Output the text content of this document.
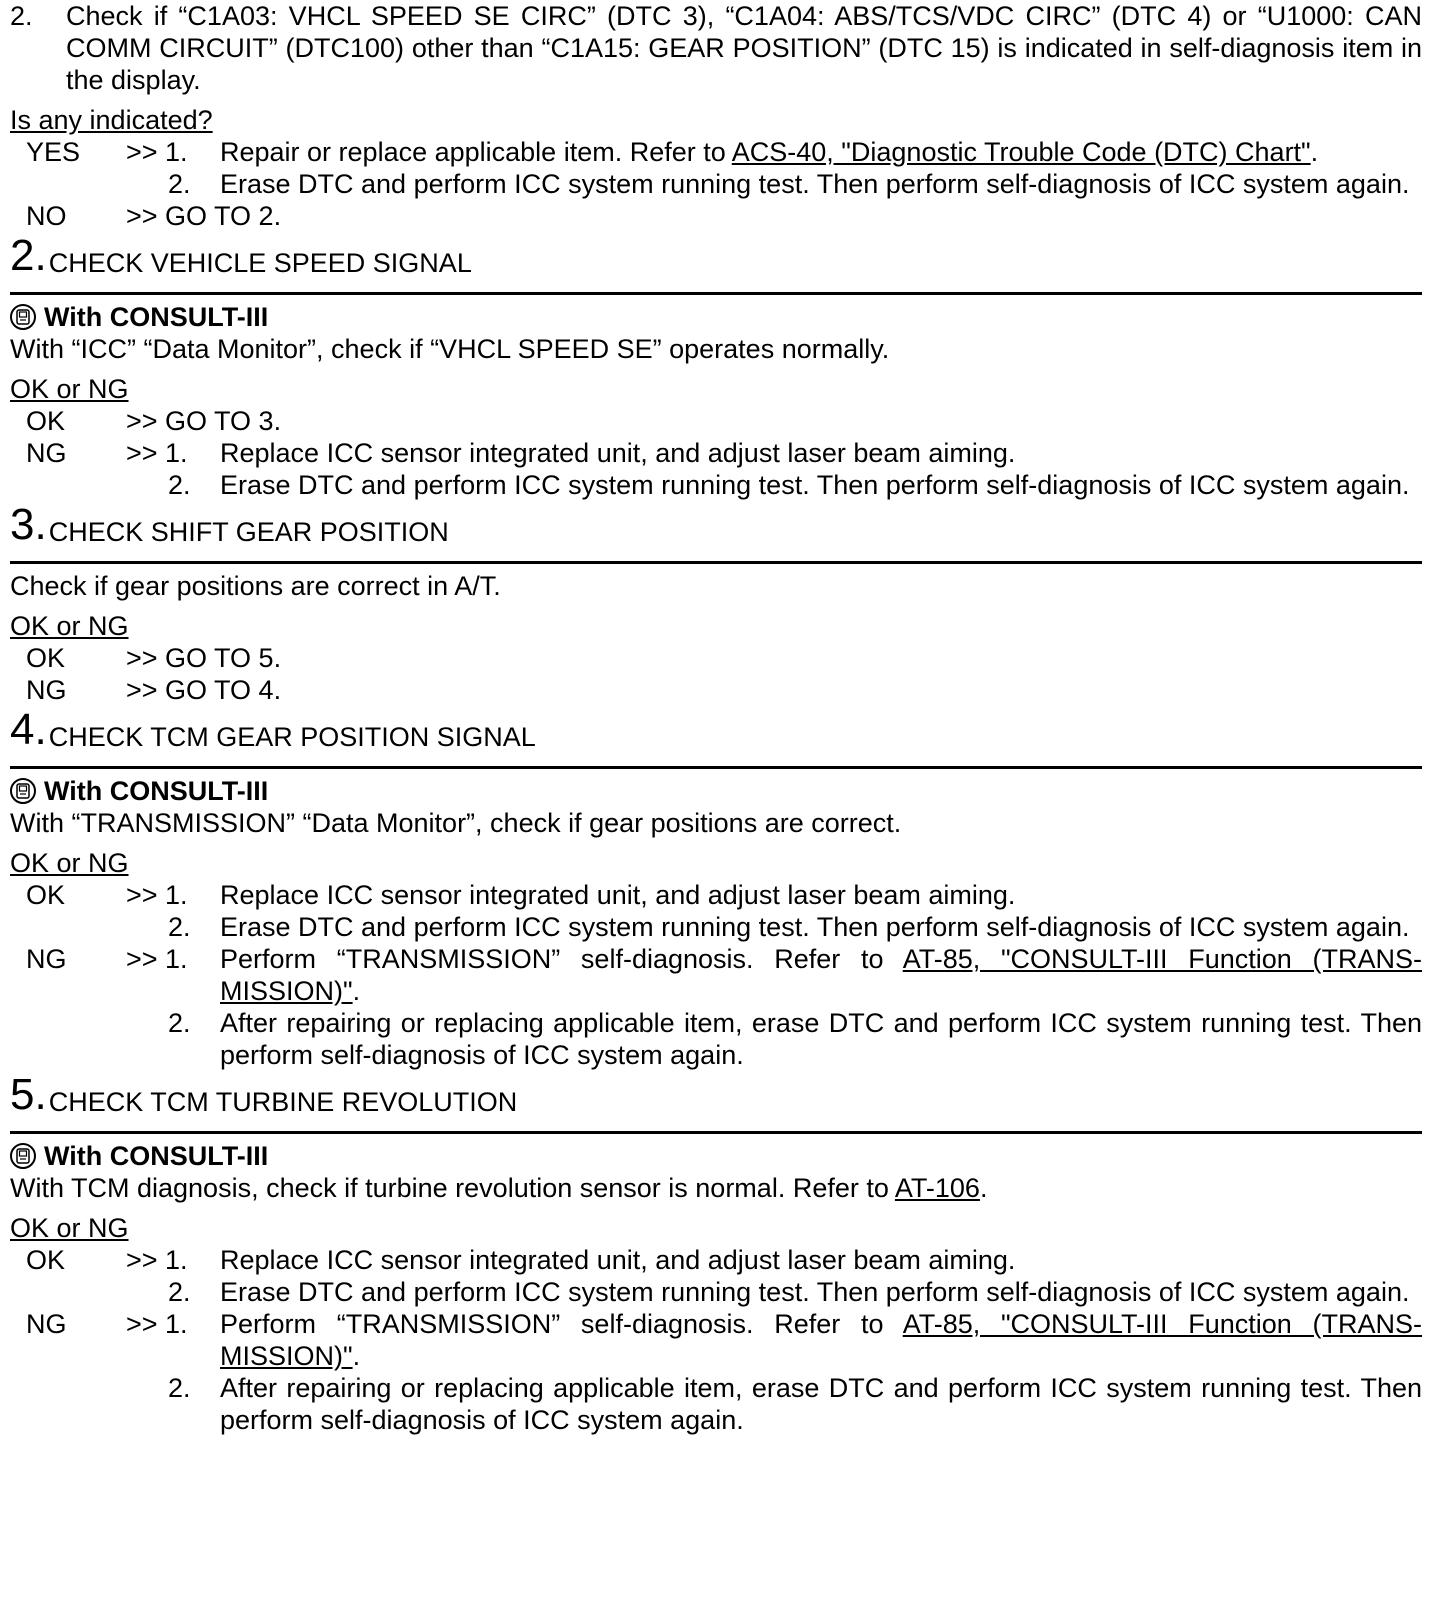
2.	Check if “C1A03: VHCL SPEED SE CIRC” (DTC 3), “C1A04: ABS/TCS/VDC CIRC” (DTC 4) or “U1000: CAN COMM CIRCUIT” (DTC100) other than “C1A15: GEAR POSITION” (DTC 15) is indicated in self-diagnosis item in the display.
Is any indicated?
YES	>> 1.	Repair or replace applicable item. Refer to ACS-40, "Diagnostic Trouble Code (DTC) Chart".
2.	Erase DTC and perform ICC system running test. Then perform self-diagnosis of ICC system again.
NO	>> GO TO 2.
2. CHECK VEHICLE SPEED SIGNAL
With CONSULT-III
With “ICC” “Data Monitor”, check if “VHCL SPEED SE” operates normally.
OK or NG
OK	>> GO TO 3.
NG	>> 1.	Replace ICC sensor integrated unit, and adjust laser beam aiming.
2.	Erase DTC and perform ICC system running test. Then perform self-diagnosis of ICC system again.
3. CHECK SHIFT GEAR POSITION
Check if gear positions are correct in A/T.
OK or NG
OK	>> GO TO 5.
NG	>> GO TO 4.
4. CHECK TCM GEAR POSITION SIGNAL
With CONSULT-III
With “TRANSMISSION” “Data Monitor”, check if gear positions are correct.
OK or NG
OK	>> 1.	Replace ICC sensor integrated unit, and adjust laser beam aiming.
2.	Erase DTC and perform ICC system running test. Then perform self-diagnosis of ICC system again.
NG	>> 1.	Perform “TRANSMISSION” self-diagnosis. Refer to AT-85, "CONSULT-III Function (TRANS-MISSION)".
2.	After repairing or replacing applicable item, erase DTC and perform ICC system running test. Then perform self-diagnosis of ICC system again.
5. CHECK TCM TURBINE REVOLUTION
With CONSULT-III
With TCM diagnosis, check if turbine revolution sensor is normal. Refer to AT-106.
OK or NG
OK	>> 1.	Replace ICC sensor integrated unit, and adjust laser beam aiming.
2.	Erase DTC and perform ICC system running test. Then perform self-diagnosis of ICC system again.
NG	>> 1.	Perform “TRANSMISSION” self-diagnosis. Refer to AT-85, "CONSULT-III Function (TRANS-MISSION)".
2.	After repairing or replacing applicable item, erase DTC and perform ICC system running test. Then perform self-diagnosis of ICC system again.
